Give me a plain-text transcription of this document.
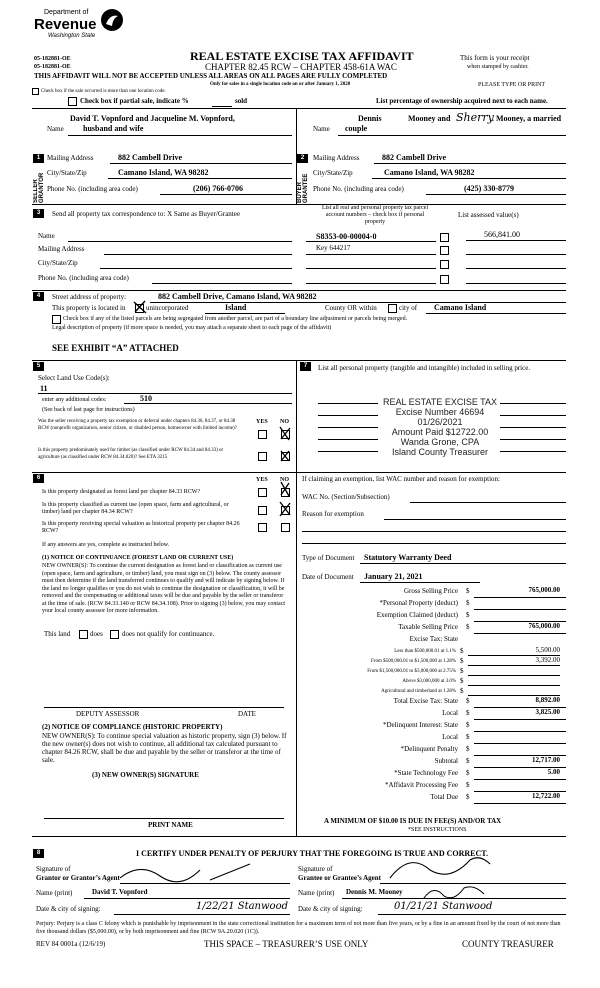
Department of
Revenue
Washington State
05-182881-OE
05-182881-OE
REAL ESTATE EXCISE TAX AFFIDAVIT
CHAPTER 82.45 RCW – CHAPTER 458-61A WAC
This form is your receipt
when stamped by cashier.
THIS AFFIDAVIT WILL NOT BE ACCEPTED UNLESS ALL AREAS ON ALL PAGES ARE FULLY COMPLETED
Only for sales in a single location code on or after January 1, 2020	PLEASE TYPE OR PRINT
Check box if the sale occurred is more than one location code.
Check box if partial sale, indicate %	sold	List percentage of ownership acquired next to each name.
1
SELLER GRANTOR
David T. Vopnford and Jacqueline M. Vopnford,
Name husband and wife
Mailing Address	882 Cambell Drive
City/State/Zip	Camano Island, WA 98282
Phone No. (including area code)	(206) 766-0706
2
BUYER GRANTEE
Dennis	Mooney and Sherry
. Mooney, a married
Name couple
Mailing Address	882 Cambell Drive
City/State/Zip	Camano Island, WA 98282
Phone No. (including area code)	(425) 330-8779
3	Send all property tax correspondence to: X Same as Buyer/Grantee
Name
Mailing Address
City/State/Zip
Phone No. (including area code)
List all real and personal property tax parcel
account numbers – check box if personal
property
List assessed value(s)
S8353-00-00004-0	566,841.00
Key 644217
4	Street address of property:	882 Cambell Drive, Camano Island, WA 98282
This property is located in	unincorporated	Island	County OR within	city of Camano Island
Check box if any of the listed parcels are being segregated from another parcel, are part of a boundary line adjustment or parcels being merged.
Legal description of property (if more space is needed, you may attach a separate sheet to each page of the affidavit)
SEE EXHIBIT “A” ATTACHED
5
Select Land Use Code(s):
11
enter any additional codes:	510
(See back of last page for instructions)
YES NO
Was the seller receiving a property tax exemption or deferral under chapters 84.36, 84.37, or 84.38 RCW (nonprofit organization, senior citizen, or disabled person, homeowner with limited income)?
Is this property predominately used for timber (as classified under RCW 84.34 and 84.33) or agriculture (as classified under RCW 84.34.020)? See ETA 3215
6	YES NO
Is this property designated as forest land per chapter 84.33 RCW?
Is this property classified as current use (open space, farm and agricultural, or timber) land per chapter 84.34 RCW?
Is this property receiving special valuation as historical property per chapter 84.26 RCW?
If any answers are yes, complete as instructed below.
(1) NOTICE OF CONTINUANCE (FOREST LAND OR CURRENT USE)
NEW OWNER(S): To continue the current designation as forest land or classification as current use (open space, farm and agriculture, or timber) land, you must sign on (3) below. The county assessor must then determine if the land transferred continues to qualify and will indicate by signing below. If the land no longer qualifies or you do not wish to continue the designation or classification, it will be removed and the compensating or additional taxes will be due and payable by the seller or transferor at the time of sale. (RCW 84.33.140 or RCW 84.34.108). Prior to signing (3) below, you may contact your local county assessor for more information.
This land	does	does not qualify for continuance.
DEPUTY ASSESSOR	DATE
(2) NOTICE OF COMPLIANCE (HISTORIC PROPERTY)
NEW OWNER(S): To continue special valuation as historic property, sign (3) below. If the new owner(s) does not wish to continue, all additional tax calculated pursuant to chapter 84.26 RCW, shall be due and payable by the seller or transferor at the time of sale.
(3) NEW OWNER(S) SIGNATURE
PRINT NAME
7	List all personal property (tangible and intangible) included in selling price.
REAL ESTATE EXCISE TAX
Excise Number 46694
01/26/2021
Amount Paid $12722.00
Wanda Grone, CPA
Island County Treasurer
If claiming an exemption, list WAC number and reason for exemption:
WAC No. (Section/Subsection)
Reason for exemption
Type of Document Statutory Warranty Deed
Date of Document January 21, 2021
Gross Selling Price $	765,000.00
*Personal Property (deduct) $
Exemption Claimed (deduct) $
Taxable Selling Price $	765,000.00
Excise Tax: State
Less than $500,000.01 at 1.1% $	5,500.00
From $500,000.01 to $1,500,000 at 1.28% $	3,392.00
From $1,500,000.01 to $3,000,000 at 2.75% $
Above $3,000,000 at 3.0% $
Agricultural and timberland at 1.28% $
Total Excise Tax: State $	8,892.00
Local $	3,825.00
*Delinquent Interest: State $
Local $
*Delinquent Penalty $
Subtotal $	12,717.00
*State Technology Fee $	5.00
*Affidavit Processing Fee $
Total Due $	12,722.00
A MINIMUM OF $10.00 IS DUE IN FEE(S) AND/OR TAX
*SEE INSTRUCTIONS
8	I CERTIFY UNDER PENALTY OF PERJURY THAT THE FOREGOING IS TRUE AND CORRECT.
Signature of
Grantor or Grantor’s Agent
Signature of
Grantee or Grantee’s Agent
Name (print)	David T. Vopnford	Name (print) Dennis M. Mooney
Date & city of signing:	1/22/21 Stanwood Date & city of signing:	01/21/21 Stanwood
Perjury: Perjury is a class C felony which is punishable by imprisonment in the state correctional institution for a maximum term of not more than five years, or by a fine in an amount fixed by the court of not more than five thousand dollars ($5,000.00), or by both imprisonment and fine (RCW 9A.20.020 (1C)).
REV 84 0001a (12/6/19)	THIS SPACE – TREASURER’S USE ONLY	COUNTY TREASURER
